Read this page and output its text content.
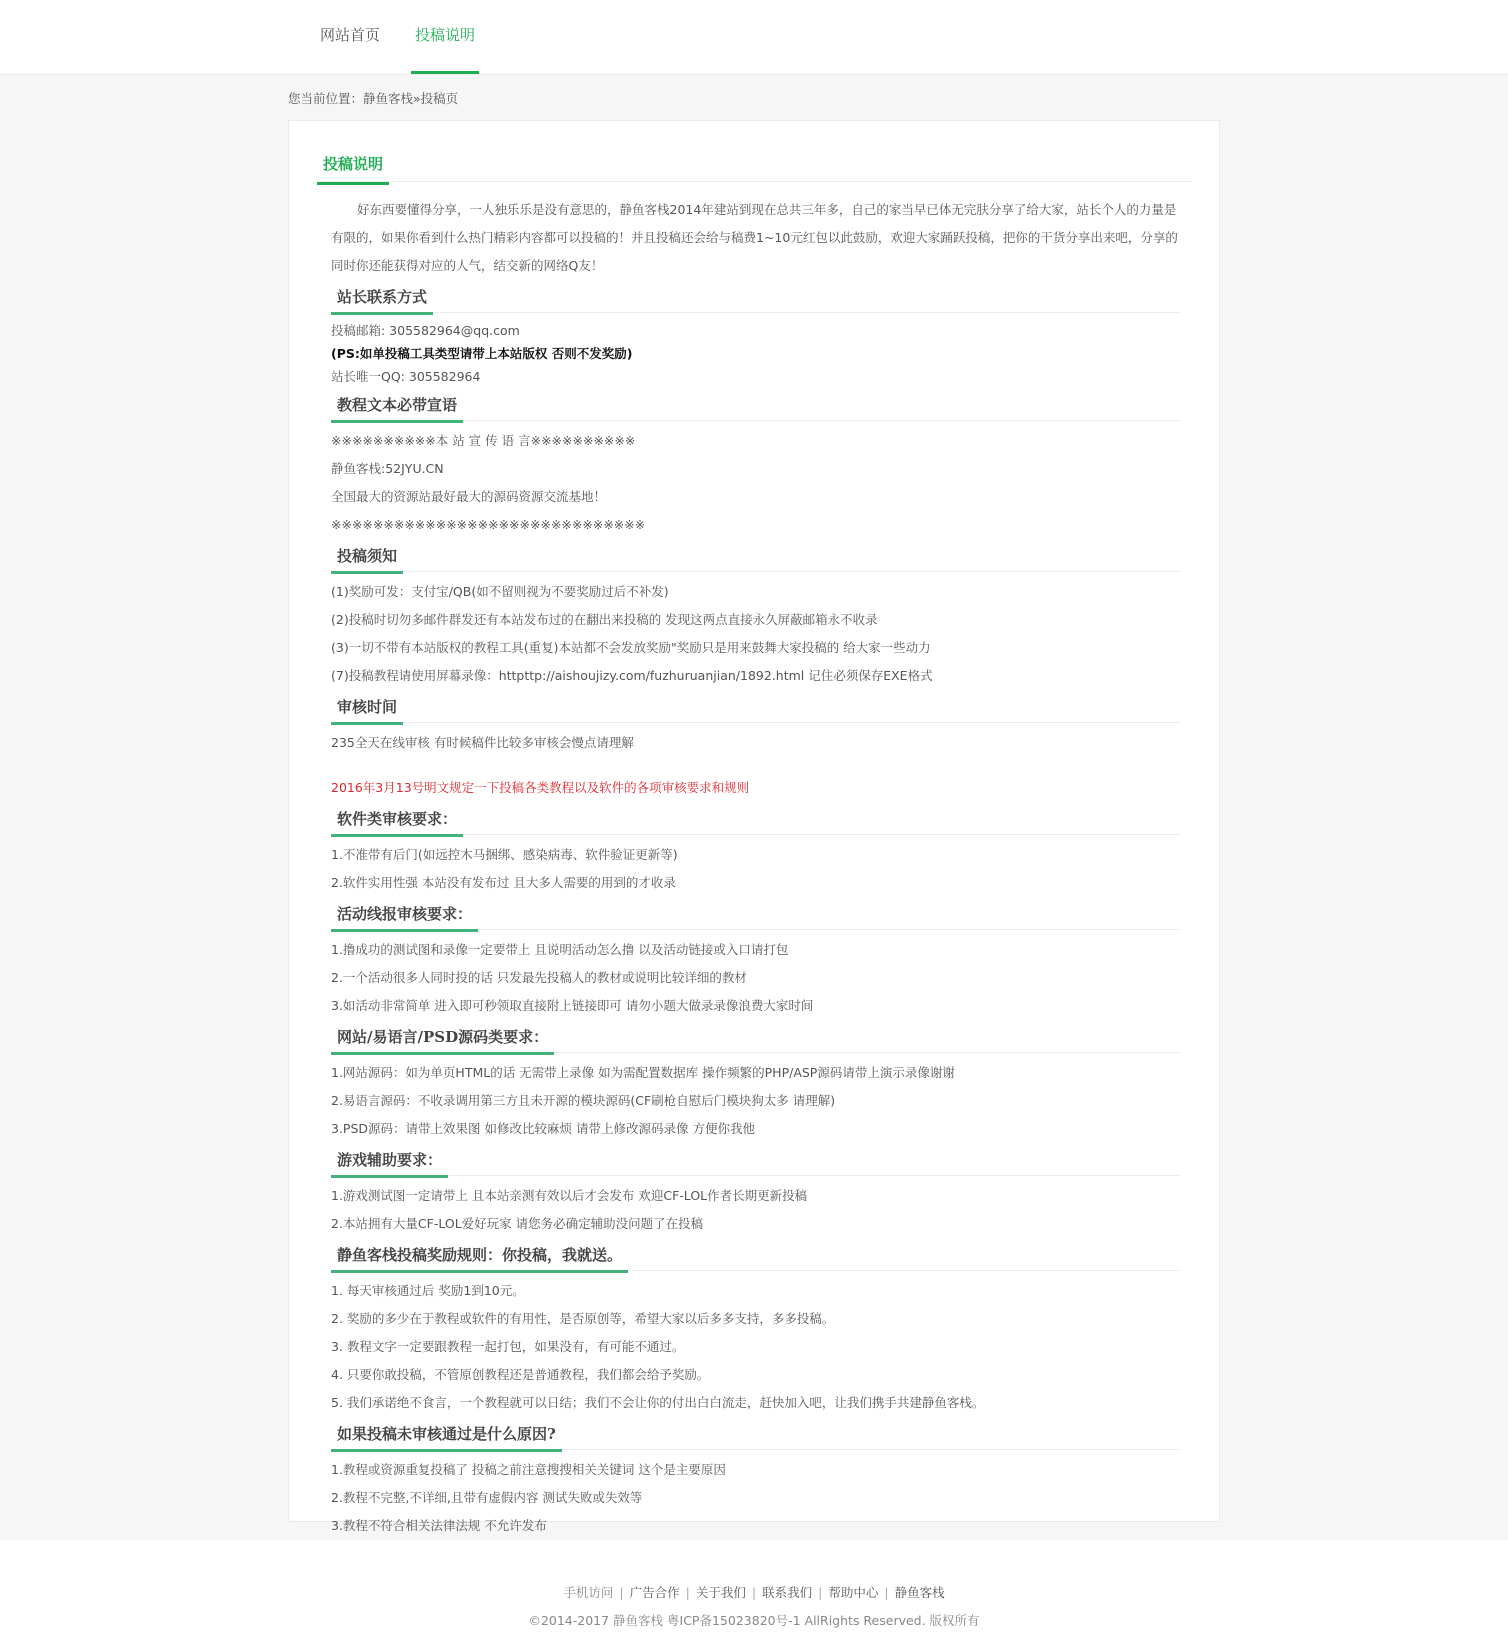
网站首页 投稿说明
您当前位置：静鱼客栈»投稿页
投稿说明

好东西要懂得分享，一人独乐乐是没有意思的，静鱼客栈2014年建站到现在总共三年多，自己的家当早已体无完肤分享了给大家，站长个人的力量是有限的，如果你看到什么热门精彩内容都可以投稿的！并且投稿还会给与稿费1~10元红包以此鼓励，欢迎大家踊跃投稿，把你的干货分享出来吧，分享的同时你还能获得对应的人气，结交新的网络Q友！

站长联系方式
投稿邮箱: 305582964@qq.com
(PS:如单投稿工具类型请带上本站版权 否则不发奖励)
站长唯一QQ: 305582964
教程文本必带宣语
※※※※※※※※※※本 站 宣 传 语 言※※※※※※※※※※
静鱼客栈:52JYU.CN
全国最大的资源站最好最大的源码资源交流基地！
※※※※※※※※※※※※※※※※※※※※※※※※※※※※※※
投稿须知
(1)奖励可发：支付宝/QB(如不留则视为不要奖励过后不补发)
(2)投稿时切勿多邮件群发还有本站发布过的在翻出来投稿的 发现这两点直接永久屏蔽邮箱永不收录
(3)一切不带有本站版权的教程工具(重复)本站都不会发放奖励"奖励只是用来鼓舞大家投稿的 给大家一些动力
(7)投稿教程请使用屏幕录像：httpttp://aishoujizy.com/fuzhuruanjian/1892.html 记住必须保存EXE格式
审核时间
235全天在线审核 有时候稿件比较多审核会慢点请理解
2016年3月13号明文规定一下投稿各类教程以及软件的各项审核要求和规则
软件类审核要求：
1.不准带有后门(如远控木马捆绑、感染病毒、软件验证更新等)
2.软件实用性强 本站没有发布过 且大多人需要的用到的才收录
活动线报审核要求：
1.撸成功的测试图和录像一定要带上 且说明活动怎么撸 以及活动链接或入口请打包
2.一个活动很多人同时投的话 只发最先投稿人的教材或说明比较详细的教材
3.如活动非常简单 进入即可秒领取直接附上链接即可 请勿小题大做录录像浪费大家时间
网站/易语言/PSD源码类要求：
1.网站源码：如为单页HTML的话 无需带上录像 如为需配置数据库 操作频繁的PHP/ASP源码请带上演示录像谢谢
2.易语言源码：不收录调用第三方且未开源的模块源码(CF刷枪自慰后门模块狗太多 请理解)
3.PSD源码：请带上效果图 如修改比较麻烦 请带上修改源码录像 方便你我他
游戏辅助要求：
1.游戏测试图一定请带上 且本站亲测有效以后才会发布 欢迎CF-LOL作者长期更新投稿
2.本站拥有大量CF-LOL爱好玩家 请您务必确定辅助没问题了在投稿
静鱼客栈投稿奖励规则：你投稿，我就送。
1. 每天审核通过后 奖励1到10元。
2. 奖励的多少在于教程或软件的有用性，是否原创等，希望大家以后多多支持，多多投稿。
3. 教程文字一定要跟教程一起打包，如果没有，有可能不通过。
4. 只要你敢投稿，不管原创教程还是普通教程，我们都会给予奖励。
5. 我们承诺绝不食言，一个教程就可以日结；我们不会让你的付出白白流走，赶快加入吧，让我们携手共建静鱼客栈。
如果投稿未审核通过是什么原因?
1.教程或资源重复投稿了 投稿之前注意搜搜相关关键词 这个是主要原因
2.教程不完整,不详细,且带有虚假内容 测试失败或失效等
3.教程不符合相关法律法规 不允许发布
手机访问 | 广告合作 | 关于我们 | 联系我们 | 帮助中心 | 静鱼客栈
©2014-2017 静鱼客栈 粤ICP备15023820号-1 AllRights Reserved. 版权所有
